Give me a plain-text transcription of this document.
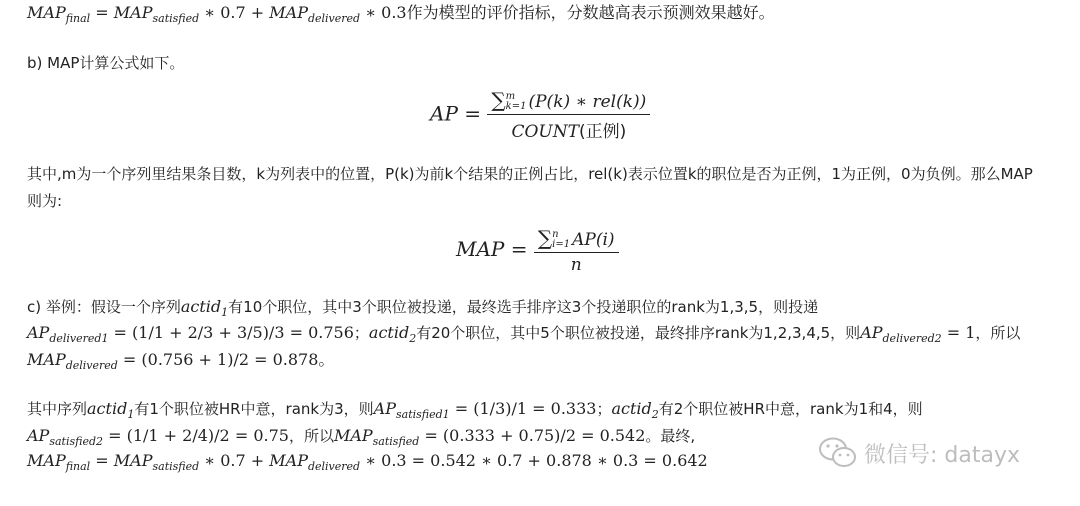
$MAP_{final} = MAP_{satisfied}$ ∗ $0.7 + MAP_{delivered}$ ∗ 0.3作为模型的评价指标，分数越高表示预测效果越好。
b) MAP计算公式如下。
AP =
∑m
k=1 (P(k) ∗ rel(k))
COUNT(正例)
其中,m为一个序列里结果条目数，k为列表中的位置，P(k)为前k个结果的正例占比，rel(k)表示位置k的职位是否为正例，1为正例，0为负例。那么MAP
则为:
MAP = ∑n
i=1 AP(i)
n
c) 举例：假设一个序列actid$_1$有10个职位，其中3个职位被投递，最终选手排序这3个投递职位的rank为1,3,5，则投递
$AP_{delivered1} = (1/1 + 2/3 + 3/5)/3 = 0.756$；actid$_2$有20个职位，其中5个职位被投递，最终排序rank为1,2,3,4,5，则$AP_{delivered2} = 1$，所以
$MAP_{delivered} = (0.756 + 1)/2 = 0.878$。
其中序列actid$_1$有1个职位被HR中意，rank为3，则$AP_{satisfied1} = (1/3)/1 = 0.333$；actid$_2$有2个职位被HR中意，rank为1和4，则
$AP_{satisfied2} = (1/1 + 2/4)/2 = 0.75$，所以$MAP_{satisfied} = (0.333 + 0.75)/2 = 0.542$。最终,
$MAP_{final} = MAP_{satisfied}$ ∗ $0.7 + MAP_{delivered}$ ∗ 0.3 = 0.542 ∗ 0.7 + 0.878 ∗ 0.3 = 0.642	微信号: datayx
